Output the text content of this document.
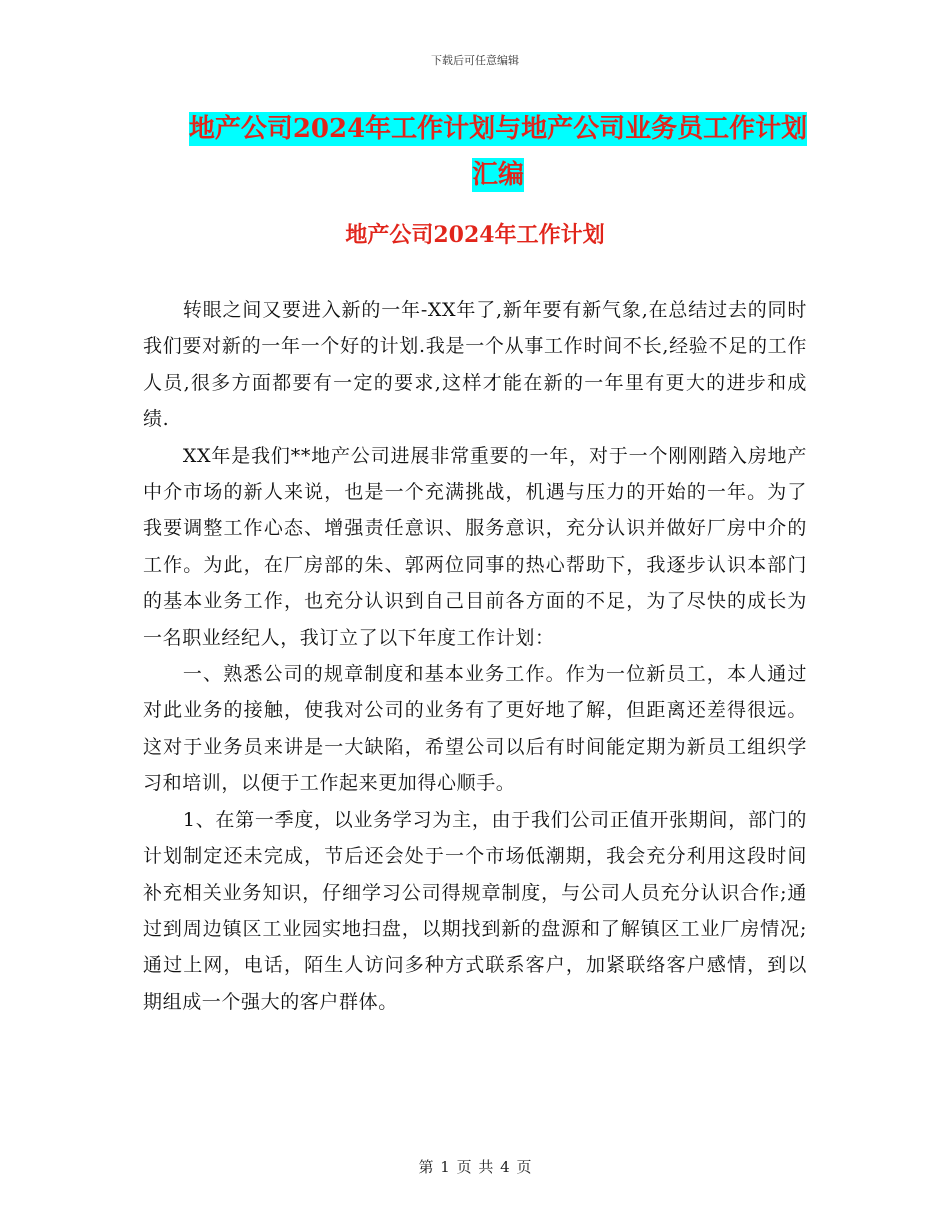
下载后可任意编辑
地产公司2024年工作计划与地产公司业务员工作计划汇编
地产公司2024年工作计划

转眼之间又要进入新的一年-XX年了,新年要有新气象,在总结过去的同时我们要对新的一年一个好的计划.我是一个从事工作时间不长,经验不足的工作人员,很多方面都要有一定的要求,这样才能在新的一年里有更大的进步和成绩.

XX年是我们**地产公司进展非常重要的一年，对于一个刚刚踏入房地产中介市场的新人来说，也是一个充满挑战，机遇与压力的开始的一年。为了我要调整工作心态、增强责任意识、服务意识，充分认识并做好厂房中介的工作。为此，在厂房部的朱、郭两位同事的热心帮助下，我逐步认识本部门的基本业务工作，也充分认识到自己目前各方面的不足，为了尽快的成长为一名职业经纪人，我订立了以下年度工作计划：

一、熟悉公司的规章制度和基本业务工作。作为一位新员工，本人通过对此业务的接触，使我对公司的业务有了更好地了解，但距离还差得很远。这对于业务员来讲是一大缺陷，希望公司以后有时间能定期为新员工组织学习和培训，以便于工作起来更加得心顺手。

1、在第一季度，以业务学习为主，由于我们公司正值开张期间，部门的计划制定还未完成，节后还会处于一个市场低潮期，我会充分利用这段时间补充相关业务知识，仔细学习公司得规章制度，与公司人员充分认识合作;通过到周边镇区工业园实地扫盘，以期找到新的盘源和了解镇区工业厂房情况;通过上网，电话，陌生人访问多种方式联系客户，加紧联络客户感情，到以期组成一个强大的客户群体。

第 1 页 共 4 页
